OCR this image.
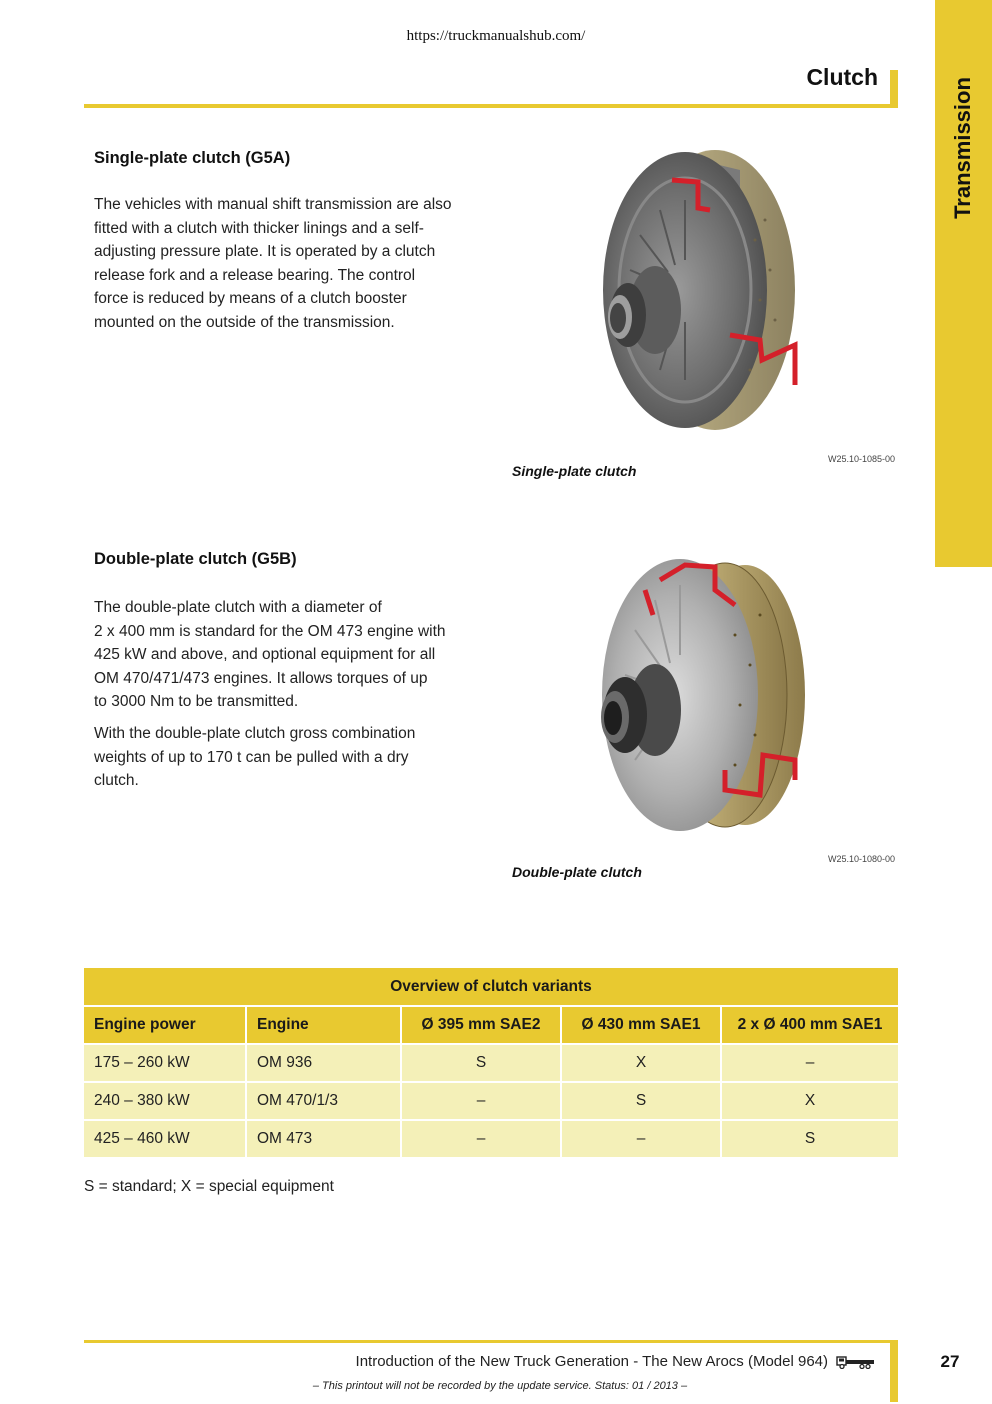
https://truckmanualshub.com/
Transmission
Clutch
Single-plate clutch (G5A)
The vehicles with manual shift transmission are also
fitted with a clutch with thicker linings and a self-
adjusting pressure plate. It is operated by a clutch
release fork and a release bearing. The control
force is reduced by means of a clutch booster
mounted on the outside of the transmission.
W25.10-1085-00
Single-plate clutch
Double-plate clutch (G5B)
The double-plate clutch with a diameter of
2 x 400 mm is standard for the OM 473 engine with
425 kW and above, and optional equipment for all
OM 470/471/473 engines. It allows torques of up
to 3000 Nm to be transmitted.
With the double-plate clutch gross combination
weights of up to 170 t can be pulled with a dry
clutch.
W25.10-1080-00
Double-plate clutch
Overview of clutch variants				
Engine power	Engine	Ø 395 mm SAE2	Ø 430 mm SAE1	2 x Ø 400 mm SAE1
175 – 260 kW	OM 936	S	X	–
240 – 380 kW	OM 470/1/3	–	S	X
425 – 460 kW	OM 473	–	–	S
S = standard; X = special equipment
Introduction of the New Truck Generation - The New Arocs (Model 964)
– This printout will not be recorded by the update service. Status: 01 / 2013 –
27
